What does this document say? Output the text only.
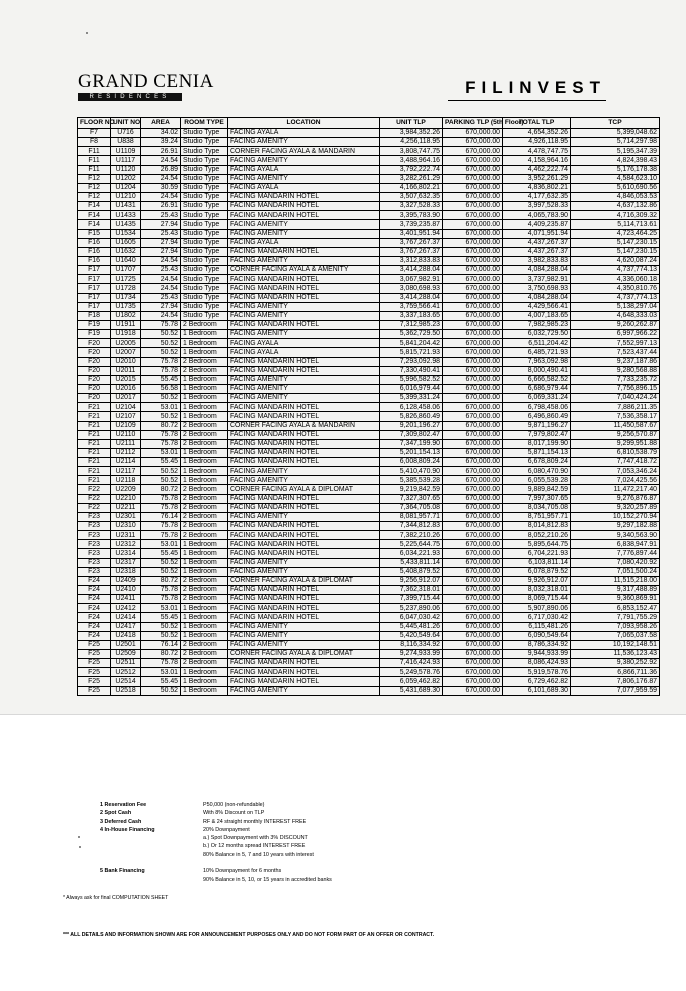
GRAND CENIA
RESIDENCES	FILINVEST
FLOOR NO	UNIT NO	AREA	ROOM TYPE	LOCATION	UNIT TLP	PARKING TLP (5th Floor)	TOTAL TLP	TCP
F7	U716	34.02	Studio Type	FACING AYALA	3,984,352.26	670,000.00	4,654,352.26	5,399,048.62
F8	U838	39.24	Studio Type	FACING AMENITY	4,256,118.95	670,000.00	4,926,118.95	5,714,297.98
F11	U1109	26.91	Studio Type	CORNER FACING AYALA & MANDARIN	3,808,747.75	670,000.00	4,478,747.75	5,195,347.39
F11	U1117	24.54	Studio Type	FACING AMENITY	3,488,964.16	670,000.00	4,158,964.16	4,824,398.43
F11	U1120	26.89	Studio Type	FACING AYALA	3,792,222.74	670,000.00	4,462,222.74	5,176,178.38
F12	U1202	24.54	Studio Type	FACING AMENITY	3,282,261.29	670,000.00	3,952,261.29	4,584,623.10
F12	U1204	30.59	Studio Type	FACING AYALA	4,166,802.21	670,000.00	4,836,802.21	5,610,690.56
F12	U1210	24.54	Studio Type	FACING MANDARIN HOTEL	3,507,632.35	670,000.00	4,177,632.35	4,846,053.53
F14	U1431	26.91	Studio Type	FACING MANDARIN HOTEL	3,327,528.33	670,000.00	3,997,528.33	4,637,132.86
F14	U1433	25.43	Studio Type	FACING MANDARIN HOTEL	3,395,783.90	670,000.00	4,065,783.90	4,716,309.32
F14	U1435	27.94	Studio Type	FACING AMENITY	3,739,235.87	670,000.00	4,409,235.87	5,114,713.61
F15	U1534	25.43	Studio Type	FACING AMENITY	3,401,951.94	670,000.00	4,071,951.94	4,723,464.25
F16	U1605	27.94	Studio Type	FACING AYALA	3,767,267.37	670,000.00	4,437,267.37	5,147,230.15
F16	U1632	27.94	Studio Type	FACING MANDARIN HOTEL	3,767,267.37	670,000.00	4,437,267.37	5,147,230.15
F16	U1640	24.54	Studio Type	FACING AMENITY	3,312,833.83	670,000.00	3,982,833.83	4,620,087.24
F17	U1707	25.43	Studio Type	CORNER FACING AYALA & AMENITY	3,414,288.04	670,000.00	4,084,288.04	4,737,774.13
F17	U1725	24.54	Studio Type	FACING MANDARIN HOTEL	3,067,982.91	670,000.00	3,737,982.91	4,336,060.18
F17	U1728	24.54	Studio Type	FACING MANDARIN HOTEL	3,080,698.93	670,000.00	3,750,698.93	4,350,810.76
F17	U1734	25.43	Studio Type	FACING MANDARIN HOTEL	3,414,288.04	670,000.00	4,084,288.04	4,737,774.13
F17	U1735	27.94	Studio Type	FACING AMENITY	3,759,566.41	670,000.00	4,429,566.41	5,138,297.04
F18	U1802	24.54	Studio Type	FACING AMENITY	3,337,183.65	670,000.00	4,007,183.65	4,648,333.03
F19	U1911	75.78	2 Bedroom	FACING MANDARIN HOTEL	7,312,985.23	670,000.00	7,982,985.23	9,260,262.87
F19	U1918	50.52	1 Bedroom	FACING AMENITY	5,362,729.50	670,000.00	6,032,729.50	6,997,966.22
F20	U2005	50.52	1 Bedroom	FACING AYALA	5,841,204.42	670,000.00	6,511,204.42	7,552,997.13
F20	U2007	50.52	1 Bedroom	FACING AYALA	5,815,721.93	670,000.00	6,485,721.93	7,523,437.44
F20	U2010	75.78	2 Bedroom	FACING MANDARIN HOTEL	7,293,092.98	670,000.00	7,963,092.98	9,237,187.86
F20	U2011	75.78	2 Bedroom	FACING MANDARIN HOTEL	7,330,490.41	670,000.00	8,000,490.41	9,280,568.88
F20	U2015	55.45	1 Bedroom	FACING AMENITY	5,996,582.52	670,000.00	6,666,582.52	7,733,235.72
F20	U2016	56.58	1 Bedroom	FACING AMENITY	6,016,979.44	670,000.00	6,686,979.44	7,756,896.15
F20	U2017	50.52	1 Bedroom	FACING AMENITY	5,399,331.24	670,000.00	6,069,331.24	7,040,424.24
F21	U2104	53.01	1 Bedroom	FACING MANDARIN HOTEL	6,128,458.06	670,000.00	6,798,458.06	7,886,211.35
F21	U2107	50.52	1 Bedroom	FACING MANDARIN HOTEL	5,826,860.49	670,000.00	6,496,860.49	7,536,358.17
F21	U2109	80.72	2 Bedroom	CORNER FACING AYALA & MANDARIN	9,201,196.27	670,000.00	9,871,196.27	11,450,587.67
F21	U2110	75.78	2 Bedroom	FACING MANDARIN HOTEL	7,309,802.47	670,000.00	7,979,802.47	9,256,570.87
F21	U2111	75.78	2 Bedroom	FACING MANDARIN HOTEL	7,347,199.90	670,000.00	8,017,199.90	9,299,951.88
F21	U2112	53.01	1 Bedroom	FACING MANDARIN HOTEL	5,201,154.13	670,000.00	5,871,154.13	6,810,538.79
F21	U2114	55.45	1 Bedroom	FACING MANDARIN HOTEL	6,008,809.24	670,000.00	6,678,809.24	7,747,418.72
F21	U2117	50.52	1 Bedroom	FACING AMENITY	5,410,470.90	670,000.00	6,080,470.90	7,053,346.24
F21	U2118	50.52	1 Bedroom	FACING AMENITY	5,385,539.28	670,000.00	6,055,539.28	7,024,425.56
F22	U2209	80.72	2 Bedroom	CORNER FACING AYALA & DIPLOMAT	9,219,842.59	670,000.00	9,889,842.59	11,472,217.40
F22	U2210	75.78	2 Bedroom	FACING MANDARIN HOTEL	7,327,307.65	670,000.00	7,997,307.65	9,276,876.87
F22	U2211	75.78	2 Bedroom	FACING MANDARIN HOTEL	7,364,705.08	670,000.00	8,034,705.08	9,320,257.89
F23	U2301	76.14	2 Bedroom	FACING AMENITY	8,081,957.71	670,000.00	8,751,957.71	10,152,270.94
F23	U2310	75.78	2 Bedroom	FACING MANDARIN HOTEL	7,344,812.83	670,000.00	8,014,812.83	9,297,182.88
F23	U2311	75.78	2 Bedroom	FACING MANDARIN HOTEL	7,382,210.26	670,000.00	8,052,210.26	9,340,563.90
F23	U2312	53.01	1 Bedroom	FACING MANDARIN HOTEL	5,225,644.75	670,000.00	5,895,644.75	6,838,947.91
F23	U2314	55.45	1 Bedroom	FACING MANDARIN HOTEL	6,034,221.93	670,000.00	6,704,221.93	7,776,897.44
F23	U2317	50.52	1 Bedroom	FACING AMENITY	5,433,811.14	670,000.00	6,103,811.14	7,080,420.92
F23	U2318	50.52	1 Bedroom	FACING AMENITY	5,408,879.52	670,000.00	6,078,879.52	7,051,500.24
F24	U2409	80.72	2 Bedroom	CORNER FACING AYALA & DIPLOMAT	9,256,912.07	670,000.00	9,926,912.07	11,515,218.00
F24	U2410	75.78	2 Bedroom	FACING MANDARIN HOTEL	7,362,318.01	670,000.00	8,032,318.01	9,317,488.89
F24	U2411	75.78	2 Bedroom	FACING MANDARIN HOTEL	7,399,715.44	670,000.00	8,069,715.44	9,360,869.91
F24	U2412	53.01	1 Bedroom	FACING MANDARIN HOTEL	5,237,890.06	670,000.00	5,907,890.06	6,853,152.47
F24	U2414	55.45	1 Bedroom	FACING MANDARIN HOTEL	6,047,030.42	670,000.00	6,717,030.42	7,791,755.29
F24	U2417	50.52	1 Bedroom	FACING AMENITY	5,445,481.26	670,000.00	6,115,481.26	7,093,958.26
F24	U2418	50.52	1 Bedroom	FACING AMENITY	5,420,549.64	670,000.00	6,090,549.64	7,065,037.58
F25	U2501	76.14	2 Bedroom	FACING AMENITY	8,116,334.92	670,000.00	8,786,334.92	10,192,148.51
F25	U2509	80.72	2 Bedroom	CORNER FACING AYALA & DIPLOMAT	9,274,933.99	670,000.00	9,944,933.99	11,536,123.43
F25	U2511	75.78	2 Bedroom	FACING MANDARIN HOTEL	7,416,424.93	670,000.00	8,086,424.93	9,380,252.92
F25	U2512	53.01	1 Bedroom	FACING MANDARIN HOTEL	5,249,578.76	670,000.00	5,919,578.76	6,866,711.36
F25	U2514	55.45	1 Bedroom	FACING MANDARIN HOTEL	6,059,462.82	670,000.00	6,729,462.82	7,806,176.87
F25	U2518	50.52	1 Bedroom	FACING AMENITY	5,431,689.30	670,000.00	6,101,689.30	7,077,959.59
1 Reservation Fee	P50,000 (non-refundable)
2 Spot Cash	With 8% Discount on TLP
3 Deferred Cash	RF & 24 straight monthly INTEREST FREE
4 In-House Financing	20% Downpayment
a.) Spot Downpayment with 3% DISCOUNT
b.) Or 12 months spread INTEREST FREE
80% Balance in 5, 7 and 10 years with interest
5 Bank Financing	10% Downpayment for 6 months
90% Balance in 5, 10, or 15 years in accredited banks
* Always ask for final COMPUTATION SHEET
*** ALL DETAILS AND INFORMATION SHOWN ARE FOR ANNOUNCEMENT PURPOSES ONLY AND DO NOT FORM PART OF AN OFFER OR CONTRACT.
